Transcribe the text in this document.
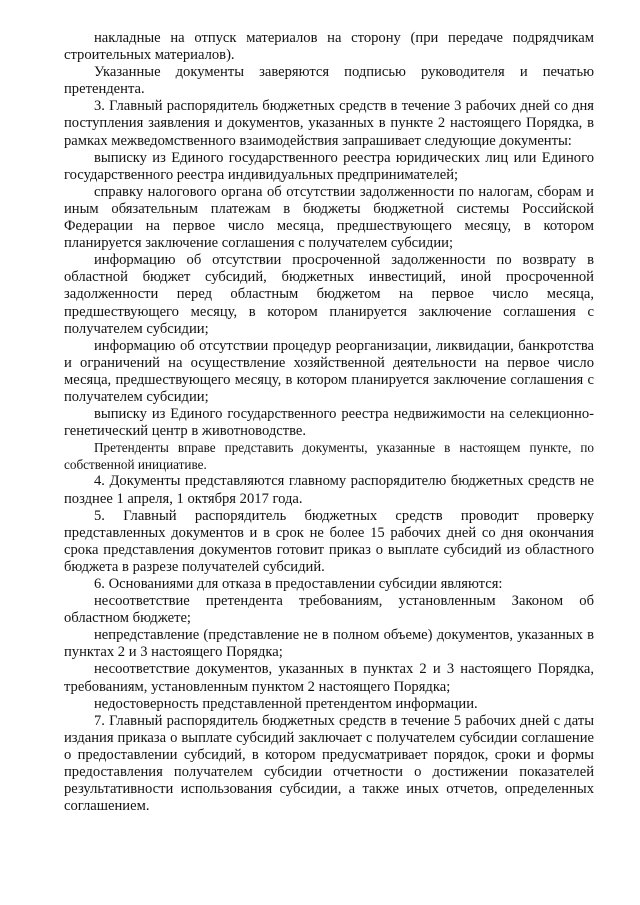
накладные на отпуск материалов на сторону (при передаче подрядчикам строительных материалов).

Указанные документы заверяются подписью руководителя и печатью претендента.

3. Главный распорядитель бюджетных средств в течение 3 рабочих дней со дня поступления заявления и документов, указанных в пункте 2 настоящего Порядка, в рамках межведомственного взаимодействия запрашивает следующие документы:

выписку из Единого государственного реестра юридических лиц или Единого государственного реестра индивидуальных предпринимателей;

справку налогового органа об отсутствии задолженности по налогам, сборам и иным обязательным платежам в бюджеты бюджетной системы Российской Федерации на первое число месяца, предшествующего месяцу, в котором планируется заключение соглашения с получателем субсидии;

информацию об отсутствии просроченной задолженности по возврату в областной бюджет субсидий, бюджетных инвестиций, иной просроченной задолженности перед областным бюджетом на первое число месяца, предшествующего месяцу, в котором планируется заключение соглашения с получателем субсидии;

информацию об отсутствии процедур реорганизации, ликвидации, банкротства и ограничений на осуществление хозяйственной деятельности на первое число месяца, предшествующего месяцу, в котором планируется заключение соглашения с получателем субсидии;

выписку из Единого государственного реестра недвижимости на селекционно-генетический центр в животноводстве.

Претенденты вправе представить документы, указанные в настоящем пункте, по собственной инициативе.

4. Документы представляются главному распорядителю бюджетных средств не позднее 1 апреля, 1 октября 2017 года.

5. Главный распорядитель бюджетных средств проводит проверку представленных документов и в срок не более 15 рабочих дней со дня окончания срока представления документов готовит приказ о выплате субсидий из областного бюджета в разрезе получателей субсидий.

6. Основаниями для отказа в предоставлении субсидии являются:

несоответствие претендента требованиям, установленным Законом об областном бюджете;

непредставление (представление не в полном объеме) документов, указанных в пунктах 2 и 3 настоящего Порядка;

несоответствие документов, указанных в пунктах 2 и 3 настоящего Порядка, требованиям, установленным пунктом 2 настоящего Порядка;

недостоверность представленной претендентом информации.

7. Главный распорядитель бюджетных средств в течение 5 рабочих дней с даты издания приказа о выплате субсидий заключает с получателем субсидии соглашение о предоставлении субсидий, в котором предусматривает порядок, сроки и формы предоставления получателем субсидии отчетности о достижении показателей результативности использования субсидии, а также иных отчетов, определенных соглашением.
